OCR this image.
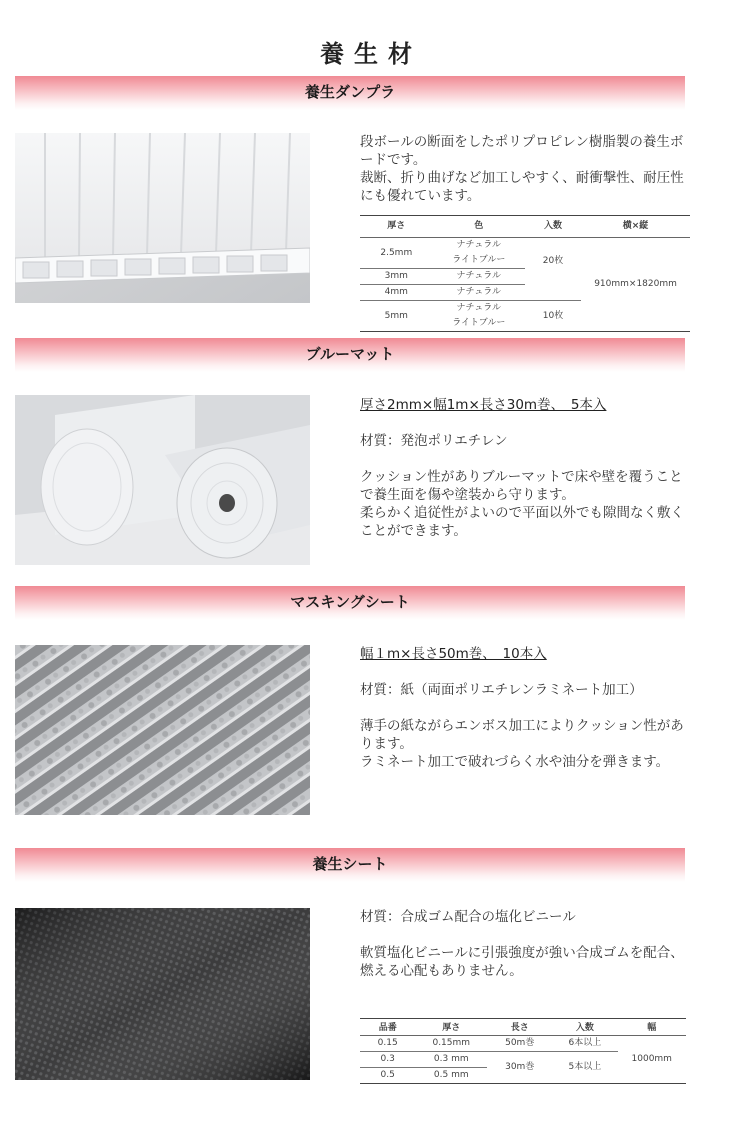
養生材
養生ダンプラ

段ボールの断面をしたポリプロピレン樹脂製の養生ボードです。

裁断、折り曲げなど加工しやすく、耐衝撃性、耐圧性にも優れています。

厚さ	色	入数	横×縦
2.5mm	ナチュラル	20枚	910mm×1820mm
	ライトブルー		
3mm	ナチュラル		
4mm	ナチュラル		
5mm	ナチュラル	10枚	
	ライトブルー		
ブルーマット

厚さ2mm×幅1m×長さ30m巻、　5本入

材質：発泡ポリエチレン

クッション性がありブルーマットで床や壁を覆うことで養生面を傷や塗装から守ります。

柔らかく追従性がよいので平面以外でも隙間なく敷くことができます。

マスキングシート

幅１m×長さ50m巻、　10本入

材質：紙（両面ポリエチレンラミネート加工）

薄手の紙ながらエンボス加工によりクッション性があります。

ラミネート加工で破れづらく水や油分を弾きます。

養生シート

材質：合成ゴム配合の塩化ビニール

軟質塩化ビニールに引張強度が強い合成ゴムを配合、燃える心配もありません。

品番	厚さ	長さ	入数	幅
0.15	0.15mm	50m巻	6本以上	1000mm
0.3	0.3 mm	30m巻	5本以上	
0.5	0.5 mm			
